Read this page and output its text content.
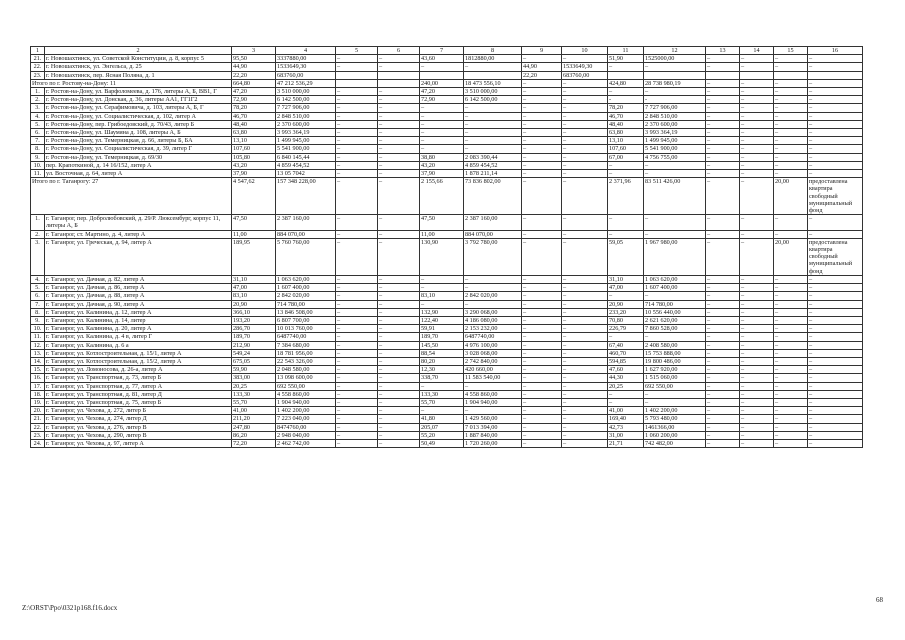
1	2	3	4	5	6	7	8	9	10	11	12	13	14	15	16
21.	г. Новошахтинск, ул. Советской Конституции, д. 8, корпус 5	95,50	3337880,00	–	–	43,60	1812880,00	–	–	51,90	1525000,00	–	–	–	–
22.	г. Новошахтинск, ул. Энгельса, д. 25	44,90	1533649,30	–	–	–	–	44,90	1533649,30	–	–	–	–	–	–
23.	г. Новошахтинск, пер. Ясная Поляна, д. 1	22,20	683760,00					22,20	683760,00						
Итого по г. Ростову-на-Дону: 11		664,80	47 212 536,29			240,00	18 473 556,10	–	–	424,80	28 738 980,19	–	–	–	–
1.	г. Ростов-на-Дону, ул. Варфоломеева, д. 176, литеры А, Б, ВВ1, Г	47,20	3 510 000,00	–	–	47,20	3 510 000,00	–	–	–	–	–	–	–	–
2.	г. Ростов-на-Дону, ул. Донская, д. 36, литеры АА1, ГГ1Г2	72,90	6 142 500,00	–	–	72,90	6 142 500,00	–	–	-	-	–	–	–	–
3.	г. Ростов-на-Дону, ул. Серафимовича, д. 103, литеры А, Б, Г	78,20	7 727 906,00	–	–	–	–	–	–	78,20	7 727 906,00	–	–	–	–
4.	г. Ростов-на-Дону, ул. Социалистическая, д. 102, литер А	46,70	2 848 510,00	–	–	–	–	–	–	46,70	2 848 510,00	–	–	–	–
5.	г. Ростов-на-Дону, пер. Грибоедовский, д. 70/43, литер Б	48,40	2 370 600,00	–	–	–	–	–	–	48,40	2 370 600,00	–	–	–	–
6.	г. Ростов-на-Дону, ул. Шаумяна д. 108, литеры А, Б	63,80	3 993 364,19	–	–	–	–	–	–	63,80	3 993 364,19	–	–	–	–
7.	г. Ростов-на-Дону, ул. Темерницкая, д. 66, литеры Б, БА	13,10	1 499 945,00	–	–	–	–	–	–	13,10	1 499 945,00	–	–	–	–
8.	г. Ростов-на-Дону, ул. Социалистическая, д. 39, литер Г	107,60	5 541 900,00	–	–	–	–	–	–	107,60	5 541 900,00	–	–	–	–
9.	г. Ростов-на-Дону, ул. Темерницкая, д. 69/30	105,80	6 840 145,44	–	–	38,80	2 083 390,44	–	–	67,00	4 756 755,00	–	–	–	–
10.	пер. Крапоткиной, д. 14 16/152, литер А	43,20	4 859 454,52	–	–	43,20	4 859 454,52	–	–	–	–	–	–	–	–
11.	ул. Восточная, д. 64, литер А	37,90	13 05 7042	–	–	37,90	1 878 211,14	–	–	–	–	–	–	–	–
Итого по г. Таганрогу: 27		4 547,62	157 348 228,00	–	–	2 155,66	73 836 802,00	–	–	2 371,96	83 511 426,00	–	–	20,00	предоставлена квартира свободный муниципальный фонд
1.	г. Таганрог, пер. Добролюбовский, д. 29/Р. Люксембург, корпус 11, литеры А, Б	47,50	2 387 160,00	–	–	47,50	2 387 160,00	–	–	–	–	–	–	–	–
2.	г. Таганрог, ст. Мартино, д. 4, литер А	11,00	884 070,00	–	–	11,00	884 070,00	–	–	–	–	–	–	–	–
3.	г. Таганрог, ул. Греческая, д. 94, литер А	189,95	5 760 760,00	–	–	130,90	3 792 780,00	–	–	59,05	1 967 980,00	–	–	20,00	предоставлена квартира свободный муниципальный фонд
4.	г. Таганрог, ул. Дачная, д. 82, литер А	31,10	1 063 620,00	–	–	–	–	–	–	31,10	1 063 620,00	–	–	–	–
5.	г. Таганрог, ул. Дачная, д. 86, литер А	47,00	1 607 400,00	–	–	–	–	–	–	47,00	1 607 400,00	–	–	–	–
6.	г. Таганрог, ул. Дачная, д. 88, литер А	83,10	2 842 020,00	–	–	83,10	2 842 020,00	–	–	–	–	–	–	–	–
7.	г. Таганрог, ул. Дачная, д. 90, литер А	20,90	714 780,00	–	–	–	–	–	–	20,90	714 780,00	–	–	–	–
8.	г. Таганрог, ул. Калинина, д. 12, литер А	366,10	13 846 508,00	–	–	132,90	3 290 068,00	–	–	233,20	10 556 440,00	–	–	–	–
9.	г. Таганрог, ул. Калинина, д. 14, литер	193,20	6 807 700,00	–	–	122,40	4 186 080,00	–	–	70,80	2 621 620,00	–	–	–	–
10.	г. Таганрог, ул. Калинина, д. 20, литер А	286,70	10 013 760,00	–	–	59,91	2 153 232,00	–	–	226,79	7 860 528,00	–	–	–	–
11.	г. Таганрог, ул. Калинина, д. 4 в, литер Г	189,70	6487740,00	–	–	189,70	6487740,00	–	–	–	–	–	–	–	–
12.	г. Таганрог, ул. Калинина, д. 6 а	212,90	7 384 680,00	–	–	145,50	4 976 100,00	–	–	67,40	2 408 580,00	–	–	–	–
13.	г. Таганрог, ул. Котлостроительная, д. 15/1, литер А	549,24	18 781 956,00	–	–	88,54	3 028 068,00	–	–	460,70	15 753 888,00	–	–	–	–
14.	г. Таганрог, ул. Котлостроительная, д. 15/2, литер А	675,05	22 543 326,00	–	–	80,20	2 742 840,00	–	–	594,85	19 800 486,00	–	–	–	–
15.	г. Таганрог, ул. Ломоносова, д. 26-а, литер А	59,90	2 048 580,00	–	–	12,30	420 660,00	–	–	47,60	1 627 920,00	–	–	–	–
16.	г. Таганрог, ул. Транспортная, д. 73, литер Б	383,00	13 098 600,00	–	–	338,70	11 583 540,00	–	–	44,30	1 515 060,00	–	–	–	–
17.	г. Таганрог, ул. Транспортная, д. 77, литер А	20,25	692 550,00	–	–	–	–	–	–	20,25	692 550,00	–	–	–	–
18.	г. Таганрог, ул. Транспортная, д. 81, литер Д	133,30	4 558 860,00	–	–	133,30	4 558 860,00	–	–	–	–	–	–	–	–
19.	г. Таганрог, ул. Транспортная, д. 75, литер Б	55,70	1 904 940,00	–	–	55,70	1 904 940,00	–	–	–	–	–	–	–	–
20.	г. Таганрог, ул. Чехова, д. 272, литер Б	41,00	1 402 200,00	–	–	–	–	–	–	41,00	1 402 200,00	–	–	–	–
21.	г. Таганрог, ул. Чехова, д. 274, литер Д	211,20	7 223 040,00	–	–	41,80	1 429 560,00	–	–	169,40	5 793 480,00	–	–	–	–
22.	г. Таганрог, ул. Чехова, д. 276, литер В	247,80	8474760,00	–	–	205,07	7 013 394,00	–	–	42,73	1461366,00	–	–	–	–
23.	г. Таганрог, ул. Чехова, д. 290, литер В	86,20	2 948 040,00	–	–	55,20	1 887 840,00	–	–	31,00	1 060 200,00	–	–	–	–
24.	г. Таганрог, ул. Чехова, д. 97, литер А	72,20	2 462 742,00	–	–	50,49	1 720 260,00	–	–	21,71	742 482,00	–	–	–	–
Z:\ORST\Ppo\0321p168.f16.docx
68
